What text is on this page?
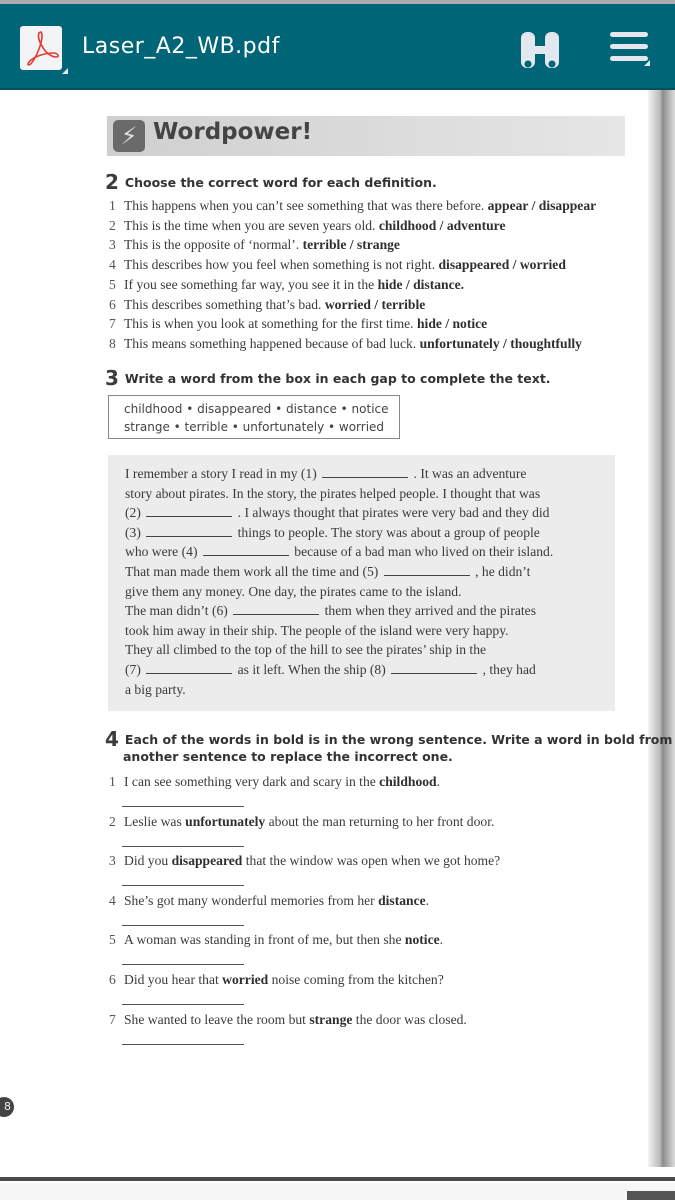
Laser_A2_WB.pdf
⚡ Wordpower!
2 Choose the correct word for each definition.
1 This happens when you can’t see something that was there before. appear / disappear
2 This is the time when you are seven years old. childhood / adventure
3 This is the opposite of ‘normal’. terrible / strange
4 This describes how you feel when something is not right. disappeared / worried
5 If you see something far way, you see it in the hide / distance.
6 This describes something that’s bad. worried / terrible
7 This is when you look at something for the first time. hide / notice
8 This means something happened because of bad luck. unfortunately / thoughtfully
3 Write a word from the box in each gap to complete the text.
childhood • disappeared • distance • notice
strange • terrible • unfortunately • worried
I remember a story I read in my (1)	. It was an adventure
story about pirates. In the story, the pirates helped people. I thought that was
(2)	. I always thought that pirates were very bad and they did
(3)	things to people. The story was about a group of people
who were (4)	because of a bad man who lived on their island.
That man made them work all the time and (5)	, he didn’t
give them any money. One day, the pirates came to the island.
The man didn’t (6)	them when they arrived and the pirates
took him away in their ship. The people of the island were very happy.
They all climbed to the top of the hill to see the pirates’ ship in the
(7)	as it left. When the ship (8)	, they had
a big party.
4 Each of the words in bold is in the wrong sentence. Write a word in bold from
another sentence to replace the incorrect one.
1 I can see something very dark and scary in the childhood.
2 Leslie was unfortunately about the man returning to her front door.
3 Did you disappeared that the window was open when we got home?
4 She’s got many wonderful memories from her distance.
5 A woman was standing in front of me, but then she notice.
6 Did you hear that worried noise coming from the kitchen?
7 She wanted to leave the room but strange the door was closed.
8
